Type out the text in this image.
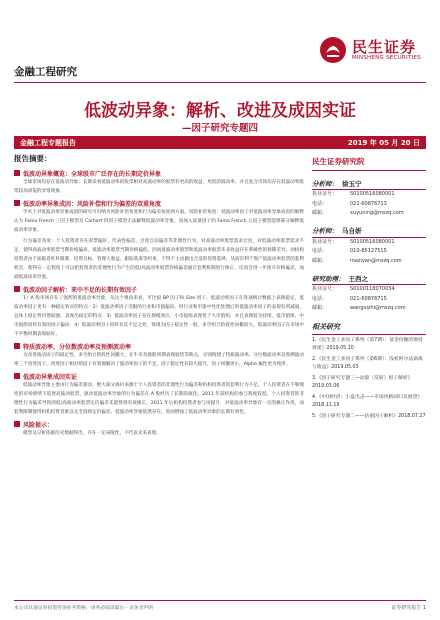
民生证券
MINSHENG SECURITIES
金融工程研究
低波动异象：解析、改进及成因实证
—因子研究专题四
金融工程专题报告	2019 年 05 月 20 日
报告摘要：
低波动异象概览：全球股市广泛存在的长期定价异象

全球市场均存在低波动异象：长期来看低波动率的股票相对高波动率的股票有更高的收益，更低的波动率，并且复合市场均存在低波动率股票较高回报的异常现象。

低波动率异象成因：风险补偿和行为偏差的双重角度

学术上对低波动率异象成因的研究可归纳为风险补偿角度和行为偏差角度两方面。风险补偿角度：低波动率因子对低波动率异象成因的解释认为 Fama French 三因子模型及 Carhart 四因子模型无法解释低波动率异象，而加入质量因子的 Fama French 五因子模型能够部分解释低波动率异象。

行为偏差角度：个人投资者存在彩票偏好、代表性偏差、过度自信偏差等非理性行为，对高波动率股票需求过度，对低波动率股票需求不足，使得高波动率股票当期价格偏高，低波动率股票当期价格偏低，因而低波动率股票和低波动率股票未来收益存在系统性的预期差异。而机构投资者由于面临着杠杆限制、投资目标、管理人收益、跟踪基准等约束，不得不主动做出合适的投资选择，从而有利于资产低波动率股票的套利机会，使得在一定程度上可以把投资者的非理性行为产生的低/高波动率股票价格偏差通过套利机制进行修正，反而会进一步推升价格偏差，加剧低波动率异象。

低波动因子解析：来中不足的长期有效因子

1）A 股市场存在了强烈的低波动率异象，从这个视角来看，可比拟 BP 因子和 Size 因子，低波动率因子在各项统计数据上表现稳定，低波动率因子更有一种稳定效应的特点：2）低波动率因子受限的行业和市值偏向，经行业和市值中性化处理后的低波动率因子的表现有所减弱，总体上稳定性仍然较强，表现出稳定的特点：3）低波动率因子存在规模效应，小市值组表现优于大市值组，并且表现较为持续，低市值组、中市值组同样有效的因子偏向：4）低波动率因子同样有其不足之处，体现为因子稳定性一般，多空组合阶段性回撤较大，低波动率因子在市场中不平衡时期表现较好。

特质波动率、分位数波动率及预测波动率

为改进波动因子的稳定性，多空组合阶段性回撤大，在牛市及涨跌周期表现弱势等缺点，分别构建了特质波动率、分位数波动率及预测波动率三个改进因子，改进因子相对原因子有效地解决了波动率因子的不足，因子稳定性有较大提升，因子回撤更小，Alpha 属性更为纯净。

低波动异象成因实证

低波动率异象主要由行为偏差驱动，绝大部分溢价来源于个人投资者的非理性行为偏差和机构投资者的套利行为不足。个人投资者在不够理性的市场情绪下追逐高波动股票，驱动低波动率异象的行为偏差在 A 股经历了长期的演化。2011 年前机构的参与程度较低，个人投资者的非理性行为偏差导致的低/高波动率股票定价偏差未能得到有效修正，2011 年后机构投资者参与度提升，对低波动率异象有一定的修正作用，而套利限制使得机构投资者难以完全消除定价偏差。低波动率异象依然存在，进而增强了低波动率异象的长期有效性。

风险提示：

模型及分析依据历史数据得出，存在一定局限性，不代表未来表现。

民生证券研究院
分析师： 徐玉宁
执业证号：	S0100516080001
电话：	021-60876713
邮箱：	xuyuning@mszq.com
分析师： 马自妍
执业证号：	S0100516080001
电话：	010-85127515
邮箱：	maziyan@mszq.com
研究助理： 王西之
执业证号：	S0100118070034
电话：	021-60876715
邮箱：	wangxizhi@mszq.com
相关研究
1.《民生金工多因子系列（第7期）：基金份额的增持效果》2019.05.10
2.《民生金工多因子系列（第6期）：浅析阿尔法剥离与收益》2019.05.03
3.《因子研究专题三—动量（反转）因子解析》2019.03.06
4.《中国经济：小盘出击——市场风格回归及展望》2018.11.19
5.《因子研究专题二——估值因子解析》2018.07.27
本公司具备证券投资咨询业务资格，请务必阅读最后一页免责声明	证券研究报告 1
